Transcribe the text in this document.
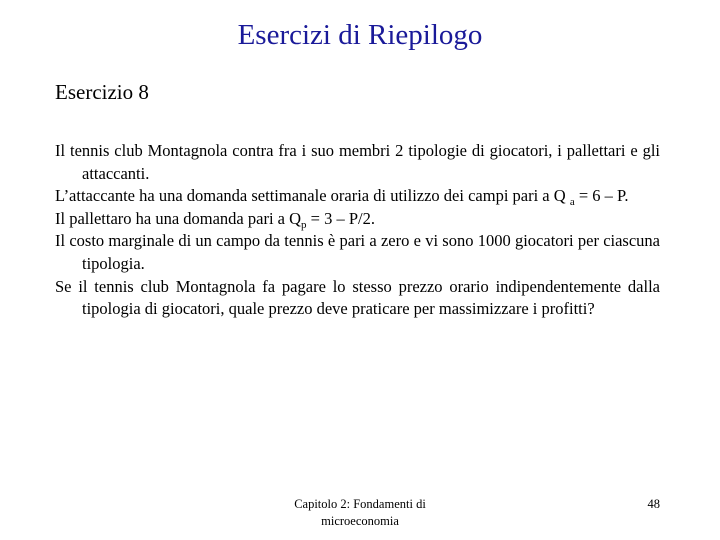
Esercizi di Riepilogo
Esercizio 8

Il tennis club Montagnola contra fra i suo membri 2 tipologie di giocatori, i pallettari e gli attaccanti.

L’attaccante ha una domanda settimanale oraria di utilizzo dei campi pari a Q $_a$ = 6 – P.

Il pallettaro ha una domanda pari a $Q_p = 3 - P/2$.

Il costo marginale di un campo da tennis è pari a zero e vi sono 1000 giocatori per ciascuna tipologia.

Se il tennis club Montagnola fa pagare lo stesso prezzo orario indipendentemente dalla tipologia di giocatori, quale prezzo deve praticare per massimizzare i profitti?

Capitolo 2: Fondamenti di
microeconomia
48
